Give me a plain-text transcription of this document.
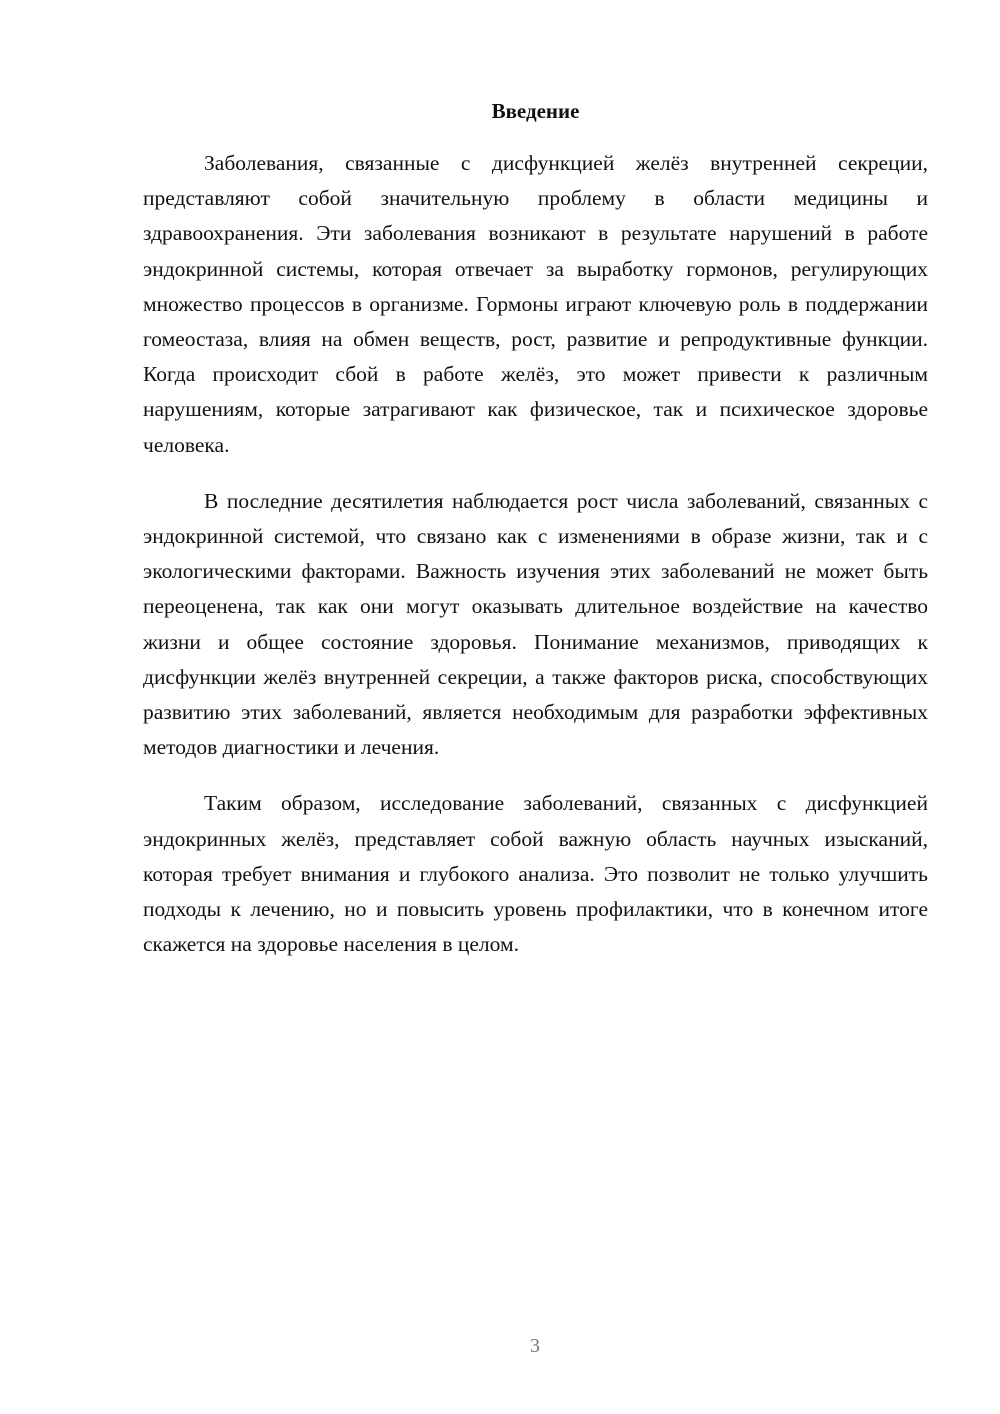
Введение

Заболевания, связанные с дисфункцией желёз внутренней секреции, представляют собой значительную проблему в области медицины и здравоохранения. Эти заболевания возникают в результате нарушений в работе эндокринной системы, которая отвечает за выработку гормонов, регулирующих множество процессов в организме. Гормоны играют ключевую роль в поддержании гомеостаза, влияя на обмен веществ, рост, развитие и репродуктивные функции. Когда происходит сбой в работе желёз, это может привести к различным нарушениям, которые затрагивают как физическое, так и психическое здоровье человека.

В последние десятилетия наблюдается рост числа заболеваний, связанных с эндокринной системой, что связано как с изменениями в образе жизни, так и с экологическими факторами. Важность изучения этих заболеваний не может быть переоценена, так как они могут оказывать длительное воздействие на качество жизни и общее состояние здоровья. Понимание механизмов, приводящих к дисфункции желёз внутренней секреции, а также факторов риска, способствующих развитию этих заболеваний, является необходимым для разработки эффективных методов диагностики и лечения.

Таким образом, исследование заболеваний, связанных с дисфункцией эндокринных желёз, представляет собой важную область научных изысканий, которая требует внимания и глубокого анализа. Это позволит не только улучшить подходы к лечению, но и повысить уровень профилактики, что в конечном итоге скажется на здоровье населения в целом.

3
